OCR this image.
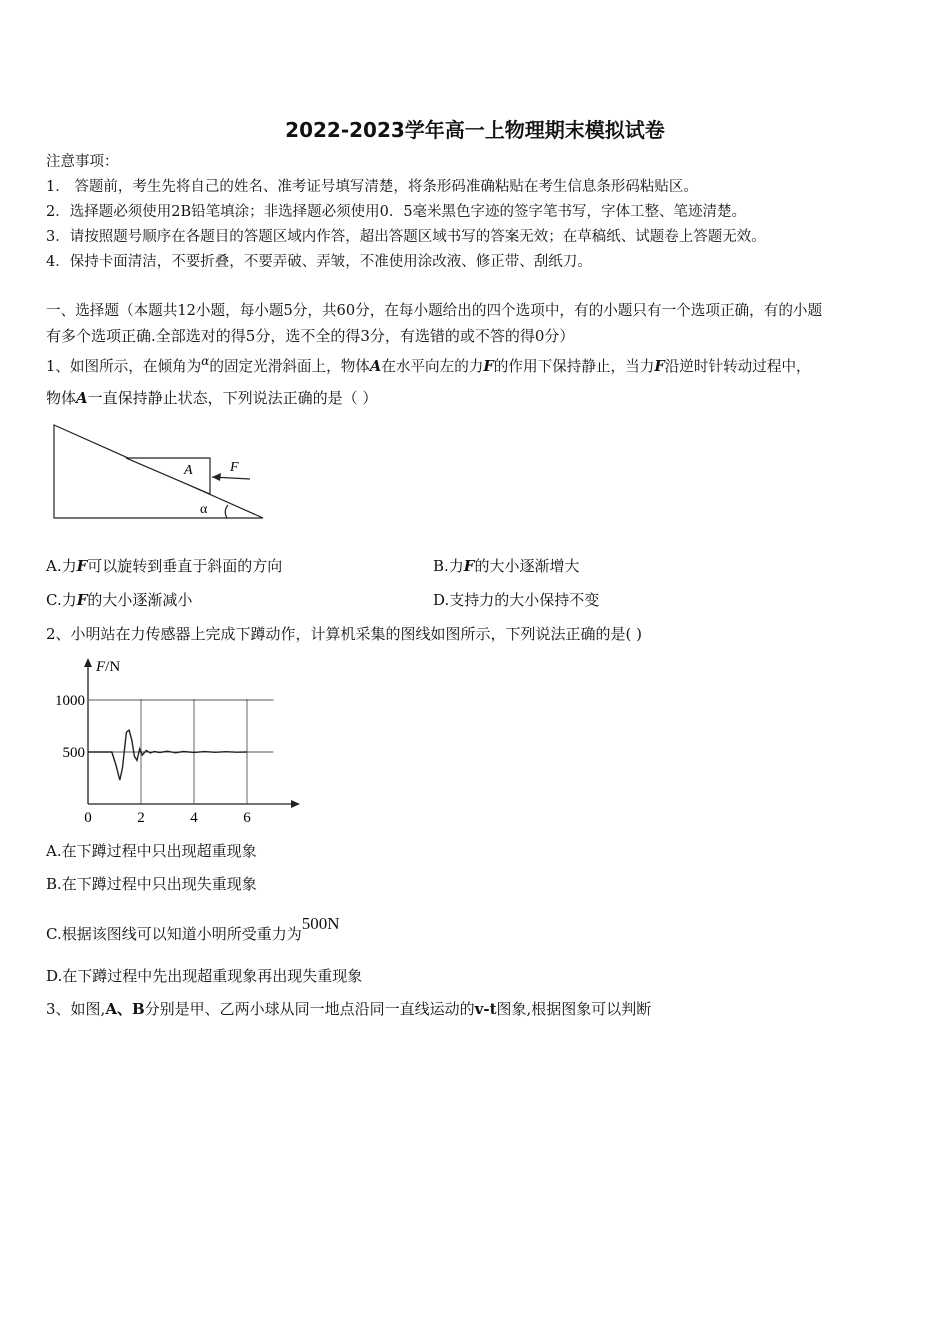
2022-2023学年高一上物理期末模拟试卷
注意事项：
1． 答题前，考生先将自己的姓名、准考证号填写清楚，将条形码准确粘贴在考生信息条形码粘贴区。
2．选择题必须使用2B铅笔填涂；非选择题必须使用0．5毫米黑色字迹的签字笔书写，字体工整、笔迹清楚。
3．请按照题号顺序在各题目的答题区域内作答，超出答题区域书写的答案无效；在草稿纸、试题卷上答题无效。
4．保持卡面清洁，不要折叠，不要弄破、弄皱，不准使用涂改液、修正带、刮纸刀。
一、选择题（本题共12小题，每小题5分，共60分，在每小题给出的四个选项中，有的小题只有一个选项正确，有的小题
有多个选项正确.全部选对的得5分，选不全的得3分，有选错的或不答的得0分）
1、如图所示，在倾角为$^\alpha$的固定光滑斜面上，物体A在水平向左的力F的作用下保持静止，当力F沿逆时针转动过程中，
物体A一直保持静止状态，下列说法正确的是（ ）
A	F
α
A.力F可以旋转到垂直于斜面的方向	B.力F的大小逐渐增大
C.力F的大小逐渐减小	D.支持力的大小保持不变
2、小明站在力传感器上完成下蹲动作，计算机采集的图线如图所示，下列说法正确的是( )
F/N
500
1000
0	2	4	6
A.在下蹲过程中只出现超重现象
B.在下蹲过程中只出现失重现象
C.根据该图线可以知道小明所受重力为500N
D.在下蹲过程中先出现超重现象再出现失重现象
3、如图,A、B分别是甲、乙两小球从同一地点沿同一直线运动的v-t图象,根据图象可以判断
